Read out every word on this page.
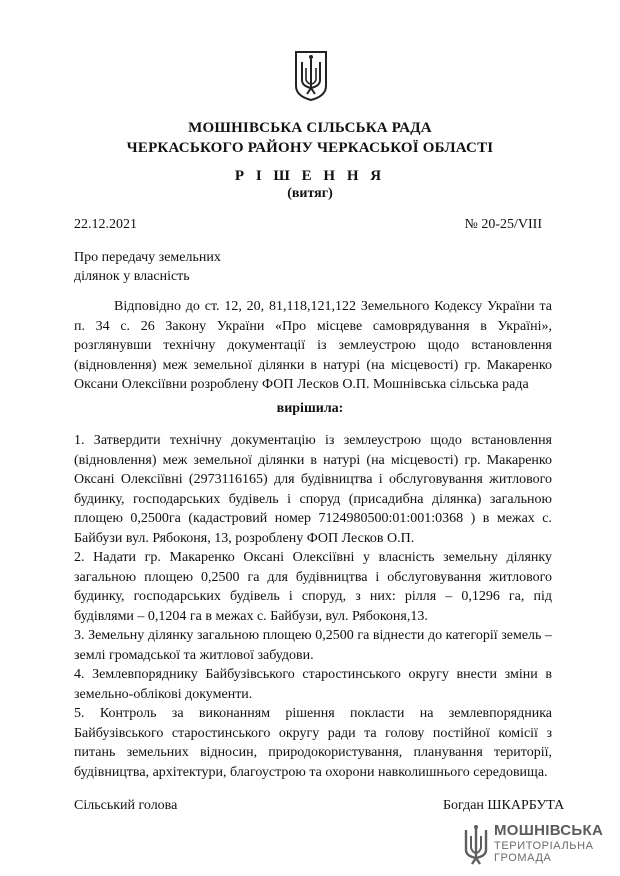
МОШНІВСЬКА СІЛЬСЬКА РАДА
ЧЕРКАСЬКОГО РАЙОНУ ЧЕРКАСЬКОЇ ОБЛАСТІ
Р І Ш Е Н Н Я
(витяг)
22.12.2021	№ 20-25/VIII
Про передачу земельних
ділянок у власність
Відповідно до ст. 12, 20, 81,118,121,122 Земельного Кодексу України та п. 34 с. 26 Закону України «Про місцеве самоврядування в Україні», розглянувши технічну документації із землеустрою щодо встановлення (відновлення) меж земельної ділянки в натурі (на місцевості) гр. Макаренко Оксани Олексіївни розроблену ФОП Лесков О.П. Мошнівська сільська рада
вирішила:

1. Затвердити технічну документацію із землеустрою щодо встановлення (відновлення) меж земельної ділянки в натурі (на місцевості) гр. Макаренко Оксані Олексіївні (2973116165) для будівництва і обслуговування житлового будинку, господарських будівель і споруд (присадибна ділянка) загальною площею 0,2500га (кадастровий номер 7124980500:01:001:0368 ) в межах с. Байбузи вул. Рябоконя, 13, розроблену ФОП Лесков О.П.

2. Надати гр. Макаренко Оксані Олексіївні у власність земельну ділянку загальною площею 0,2500 га для будівництва і обслуговування житлового будинку, господарських будівель і споруд, з них: рілля – 0,1296 га, під будівлями – 0,1204 га в межах с. Байбузи, вул. Рябоконя,13.

3. Земельну ділянку загальною площею 0,2500 га віднести до категорії земель – землі громадської та житлової забудови.

4. Землевпоряднику Байбузівського старостинського округу внести зміни в земельно-облікові документи.

5. Контроль за виконанням рішення покласти на землевпорядника Байбузівського старостинського округу ради та голову постійної комісії з питань земельних відносин, природокористування, планування території, будівництва, архітектури, благоустрою та охорони навколишнього середовища.

Сільський голова	Богдан ШКАРБУТА
МОШНІВСЬКА
ТЕРИТОРІАЛЬНА
ГРОМАДА
